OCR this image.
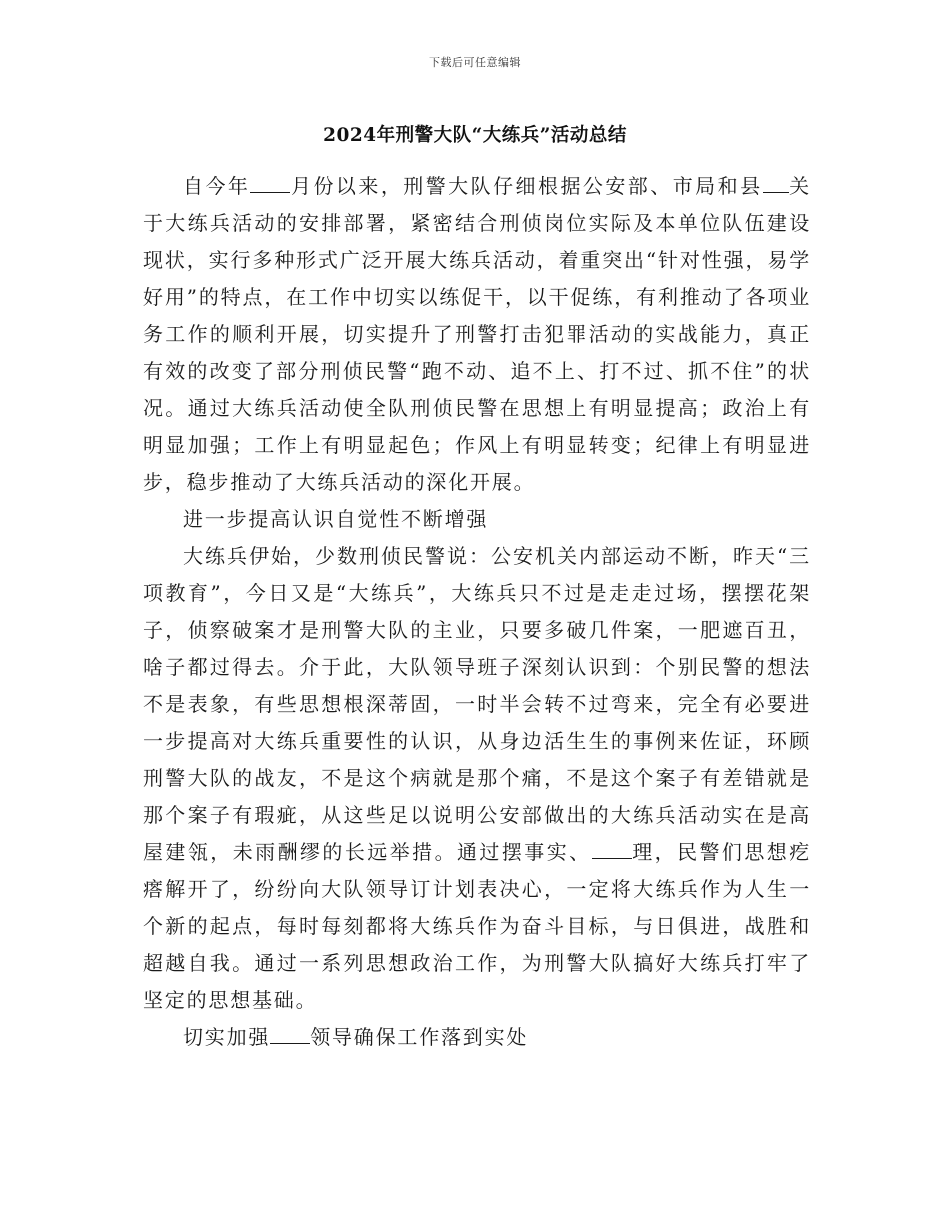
下载后可任意编辑
2024年刑警大队“大练兵”活动总结

自今年 月份以来，刑警大队仔细根据公安部、市局和县 关于大练兵活动的安排部署，紧密结合刑侦岗位实际及本单位队伍建设现状，实行多种形式广泛开展大练兵活动，着重突出“针对性强，易学好用”的特点，在工作中切实以练促干，以干促练，有利推动了各项业务工作的顺利开展，切实提升了刑警打击犯罪活动的实战能力，真正有效的改变了部分刑侦民警“跑不动、追不上、打不过、抓不住”的状况。通过大练兵活动使全队刑侦民警在思想上有明显提高；政治上有明显加强；工作上有明显起色；作风上有明显转变；纪律上有明显进步，稳步推动了大练兵活动的深化开展。

进一步提高认识自觉性不断增强

大练兵伊始，少数刑侦民警说：公安机关内部运动不断，昨天“三项教育”，今日又是“大练兵”，大练兵只不过是走走过场，摆摆花架子，侦察破案才是刑警大队的主业，只要多破几件案，一肥遮百丑，啥子都过得去。介于此，大队领导班子深刻认识到：个别民警的想法不是表象，有些思想根深蒂固，一时半会转不过弯来，完全有必要进一步提高对大练兵重要性的认识，从身边活生生的事例来佐证，环顾刑警大队的战友，不是这个病就是那个痛，不是这个案子有差错就是那个案子有瑕疵，从这些足以说明公安部做出的大练兵活动实在是高屋建瓴，未雨酬缪的长远举措。通过摆事实、 理，民警们思想疙瘩解开了，纷纷向大队领导订计划表决心，一定将大练兵作为人生一个新的起点，每时每刻都将大练兵作为奋斗目标，与日俱进，战胜和超越自我。通过一系列思想政治工作，为刑警大队搞好大练兵打牢了坚定的思想基础。

切实加强 领导确保工作落到实处
